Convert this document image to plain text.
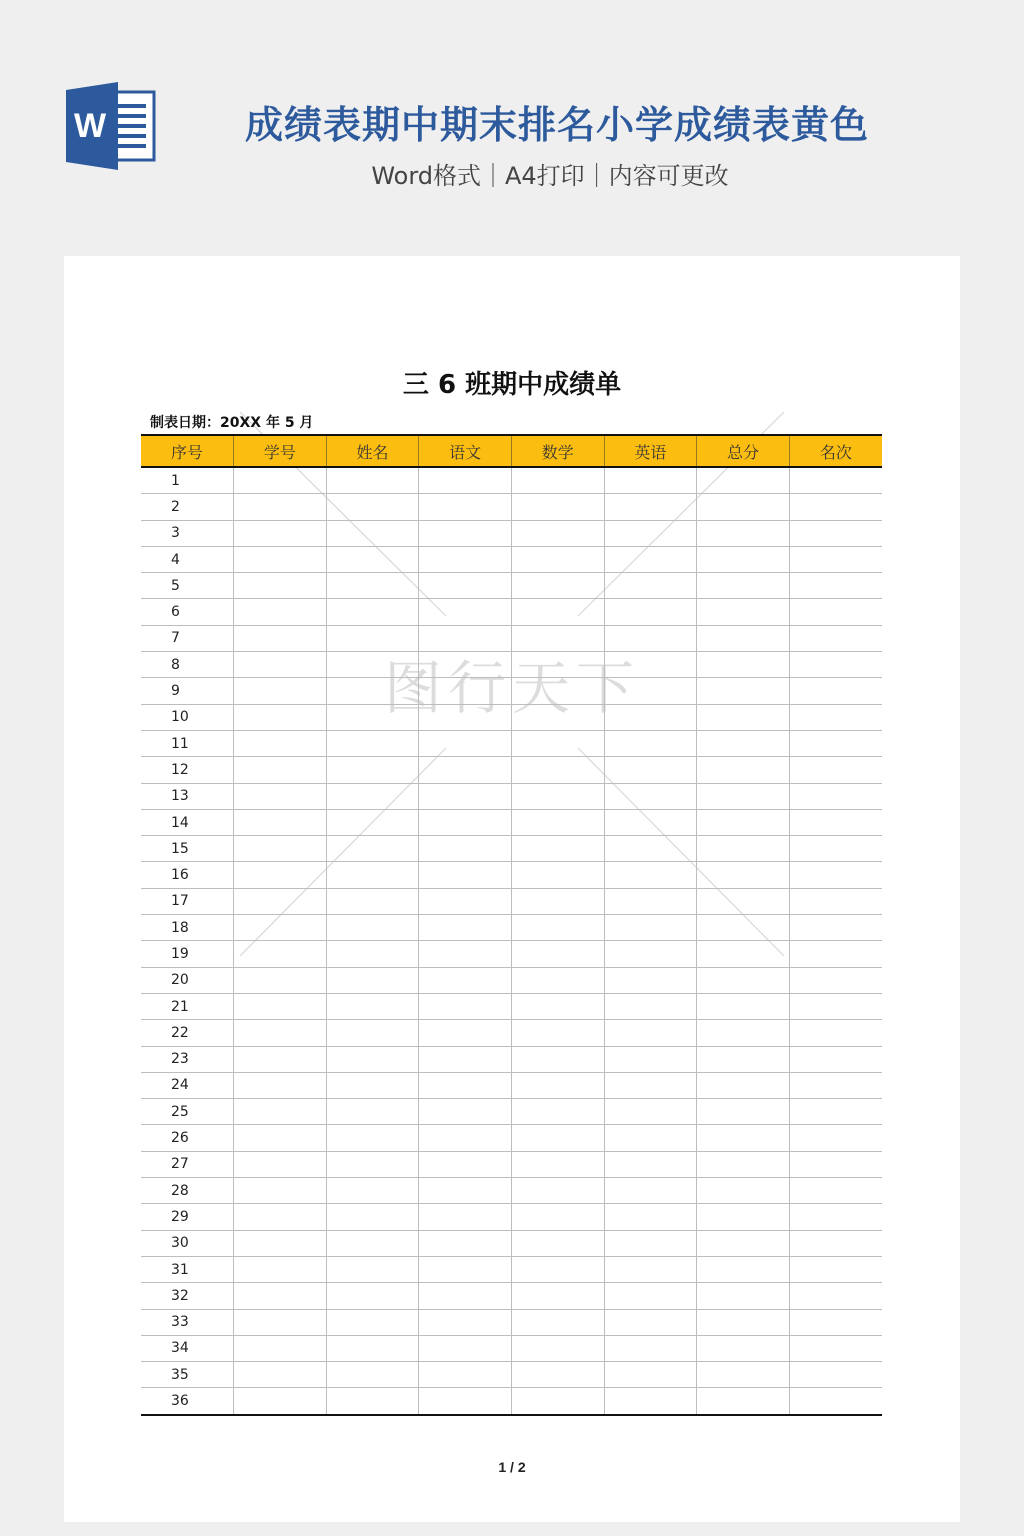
W	成绩表期中期末排名小学成绩表黄色
Word格式｜A4打印｜内容可更改
图行天下
三 6 班期中成绩单
制表日期：20XX 年 5 月
序号	学号	姓名	语文	数学	英语	总分	名次
1							
2							
3							
4							
5							
6							
7							
8							
9							
10							
11							
12							
13							
14							
15							
16							
17							
18							
19							
20							
21							
22							
23							
24							
25							
26							
27							
28							
29							
30							
31							
32							
33							
34							
35							
36							
1 / 2
